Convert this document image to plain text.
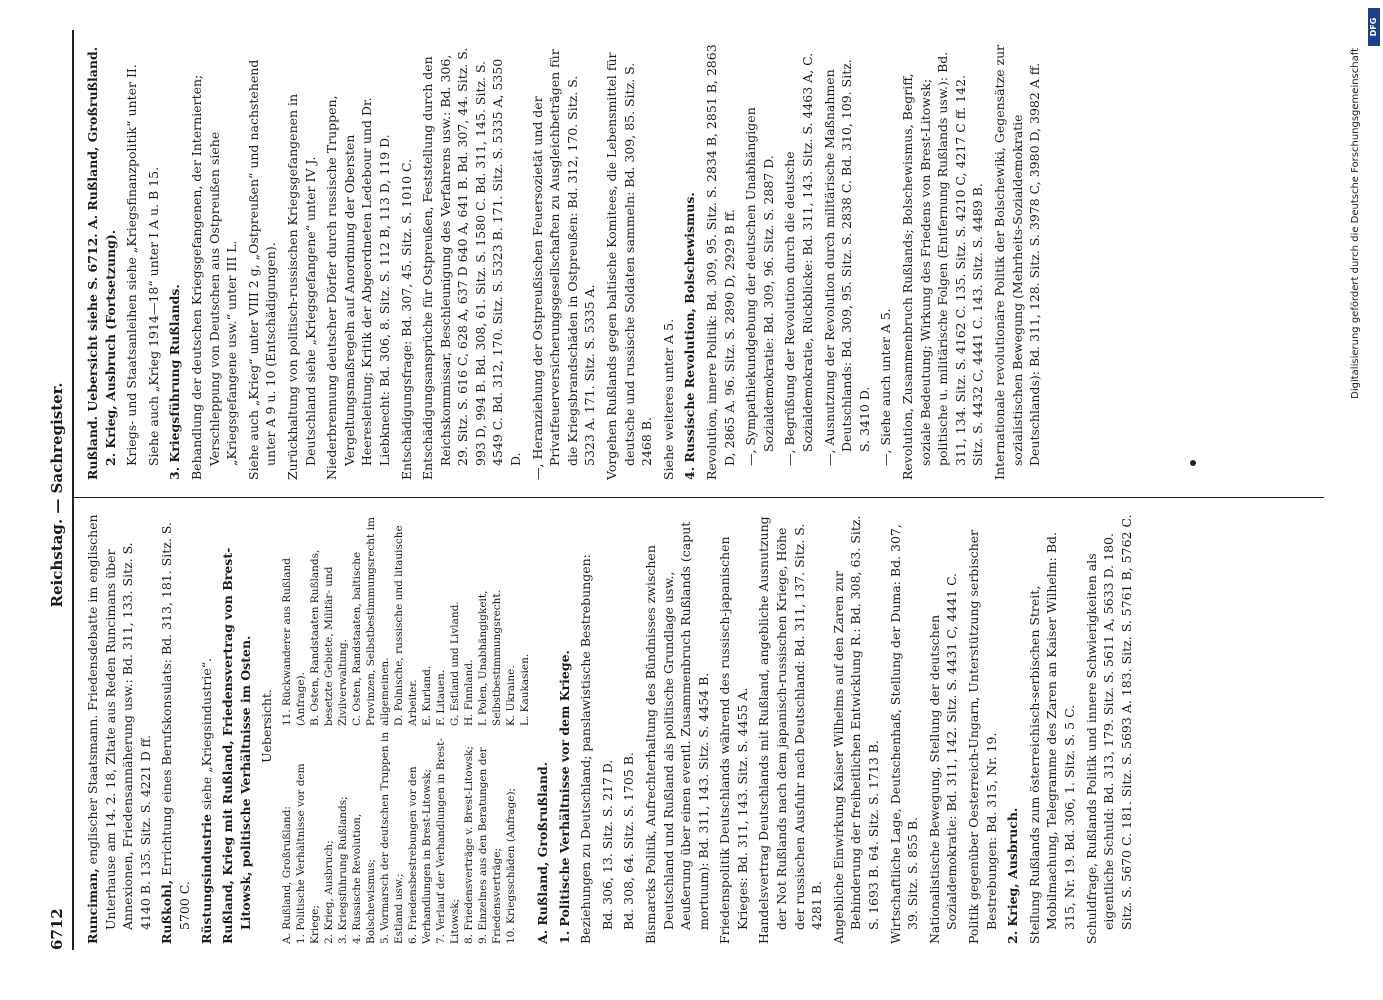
6712
Reichstag. — Sachregister.

Runciman, englischer Staatsmann. Friedensdebatte im englischen Unterhause am 14. 2. 18, Zitate aus Reden Runcimans über Annexionen, Friedensannäherung usw.: Bd. 311, 133. Sitz. S. 4140 B. 135. Sitz. S. 4221 D ff. Rußkohl, Errichtung eines Berufskonsulats: Bd. 313, 181. Sitz. S. 5700 C. Rüstungsindustrie siehe „Kriegsindustrie“. Rußland, Krieg mit Rußland, Friedensvertrag von Brest-Litowsk, politische Verhältnisse im Osten. Uebersicht.

A. Rußland, Großrußland: 1. Politische Verhältnisse vor dem Kriege; 2. Krieg, Ausbruch; 3. Kriegsführung Rußlands; 4. Russische Revolution, Bolschewismus; 5. Vormarsch der deutschen Truppen in Estland usw.; 6. Friedensbestrebungen vor den Verhandlungen in Brest-Litowsk; 7. Verlauf der Verhandlungen in Brest-Litowsk; 8. Friedensverträge v. Brest-Litowsk; 9. Einzelnes aus den Beratungen der Friedensverträge; 10. Kriegsschäden (Anfrage);

11. Rückwanderer aus Rußland (Anfrage). B. Osten, Randstaaten Rußlands, besetzte Gebiete, Militär- und Zivilverwaltung. C. Osten, Randstaaten, baltische Provinzen, Selbstbestimmungsrecht im allgemeinen. D. Polnische, russische und litauische Arbeiter. E. Kurland. F. Litauen. G. Estland und Livland. H. Finnland. I. Polen, Unabhängigkeit, Selbstbestimmungsrecht. K. Ukraine. L. Kaukasien.

A. Rußland, Großrußland. 1. Politische Verhältnisse vor dem Kriege. Beziehungen zu Deutschland; panslawistische Bestrebungen: Bd. 306, 13. Sitz. S. 217 D. Bd. 308, 64. Sitz. S. 1705 B. Bismarcks Politik, Aufrechterhaltung des Bündnisses zwischen Deutschland und Rußland als politische Grundlage usw., Aeußerung über einen eventl. Zusammenbruch Rußlands (caput mortuum): Bd. 311, 143. Sitz. S. 4454 B. Friedenspolitik Deutschlands während des russisch-japanischen Krieges: Bd. 311, 143. Sitz. S. 4455 A. Handelsvertrag Deutschlands mit Rußland, angebliche Ausnutzung der Not Rußlands nach dem japanisch-russischen Kriege, Höhe der russischen Ausfuhr nach Deutschland: Bd. 311, 137. Sitz. S. 4281 B. Angebliche Einwirkung Kaiser Wilhelms auf den Zaren zur Behinderung der freiheitlichen Entwicklung R.: Bd. 308, 63. Sitz. S. 1693 B. 64. Sitz. S. 1713 B. Wirtschaftliche Lage, Deutschenhaß, Stellung der Duma: Bd. 307, 39. Sitz. S. 855 B. Nationalistische Bewegung, Stellung der deutschen Sozialdemokratie: Bd. 311, 142. Sitz. S. 4431 C, 4441 C. Politik gegenüber Oesterreich-Ungarn, Unterstützung serbischer Bestrebungen: Bd. 315, Nr. 19. 2. Krieg, Ausbruch. Stellung Rußlands zum österreichisch-serbischen Streit, Mobilmachung, Telegramme des Zaren an Kaiser Wilhelm: Bd. 315, Nr. 19. Bd. 306, 1. Sitz. S. 5 C. Schuldfrage, Rußlands Politik und innere Schwierigkeiten als eigentliche Schuld: Bd. 313, 179. Sitz. S. 5611 A, 5633 D. 180. Sitz. S. 5670 C. 181. Sitz. S. 5693 A. 183. Sitz. S. 5761 B, 5762 C.

Rußland. Uebersicht siehe S. 6712. A. Rußland, Großrußland. 2. Krieg, Ausbruch (Fortsetzung). Kriegs- und Staatsanleihen siehe „Kriegsfinanzpolitik“ unter II. Siehe auch „Krieg 1914—18“ unter I A u. B 15. 3. Kriegsführung Rußlands. Behandlung der deutschen Kriegsgefangenen, der Internierten; Verschleppung von Deutschen aus Ostpreußen siehe „Kriegsgefangene usw.“ unter III L. Siehe auch „Krieg“ unter VIII 2 g, „Ostpreußen“ und nachstehend unter A 9 u. 10 (Entschädigungen). Zurückhaltung von politisch-russischen Kriegsgefangenen in Deutschland siehe „Kriegsgefangene“ unter IV J. Niederbrennung deutscher Dörfer durch russische Truppen, Vergeltungsmaßregeln auf Anordnung der Obersten Heeresleitung; Kritik der Abgeordneten Ledebour und Dr. Liebknecht: Bd. 306, 8. Sitz. S. 112 B, 113 D, 119 D. Entschädigungsfrage: Bd. 307, 45. Sitz. S. 1010 C. Entschädigungsansprüche für Ostpreußen, Feststellung durch den Reichskommissar, Beschleunigung des Verfahrens usw.: Bd. 306, 29. Sitz. S. 616 C, 628 A, 637 D 640 A, 641 B. Bd. 307, 44. Sitz. S. 993 D, 994 B. Bd. 308, 61. Sitz. S. 1580 C. Bd. 311, 145. Sitz. S. 4549 C. Bd. 312, 170. Sitz. S. 5323 B. 171. Sitz. S. 5335 A, 5350 D. —, Heranziehung der Ostpreußischen Feuersozietät und der Privatfeuerversicherungsgesellschaften zu Ausgleichbeträgen für die Kriegsbrandschäden in Ostpreußen: Bd. 312, 170. Sitz. S. 5323 A. 171. Sitz. S. 5335 A. Vorgehen Rußlands gegen baltische Komitees, die Lebensmittel für deutsche und russische Soldaten sammeln: Bd. 309, 85. Sitz. S. 2468 B. Siehe weiteres unter A 5. 4. Russische Revolution, Bolschewismus. Revolution, innere Politik: Bd. 309, 95. Sitz. S. 2834 B, 2851 B, 2863 D, 2865 A. 96. Sitz. S. 2890 D, 2929 B ff. —, Sympathiekundgebung der deutschen Unabhängigen Sozialdemokratie: Bd. 309, 96. Sitz. S. 2887 D. —, Begrüßung der Revolution durch die deutsche Sozialdemokratie, Rückblicke: Bd. 311, 143. Sitz. S. 4463 A, C. —, Ausnutzung der Revolution durch militärische Maßnahmen Deutschlands: Bd. 309, 95. Sitz. S. 2838 C. Bd. 310, 109. Sitz. S. 3410 D. —, Siehe auch unter A 5. Revolution, Zusammenbruch Rußlands; Bolschewismus, Begriff, soziale Bedeutung; Wirkung des Friedens von Brest-Litowsk; politische u. militärische Folgen (Entfernung Rußlands usw.): Bd. 311, 134. Sitz. S. 4162 C. 135. Sitz. S. 4210 C, 4217 C ff. 142. Sitz. S. 4432 C, 4441 C. 143. Sitz. S. 4489 B. Internationale revolutionäre Politik der Bolschewiki, Gegensätze zur sozialistischen Bewegung (Mehrheits-Sozialdemokratie Deutschlands): Bd. 311, 128. Sitz. S. 3978 C, 3980 D, 3982 A ff.	Digitalisierung gefördert durch die Deutsche Forschungsgemeinschaft
DFG
